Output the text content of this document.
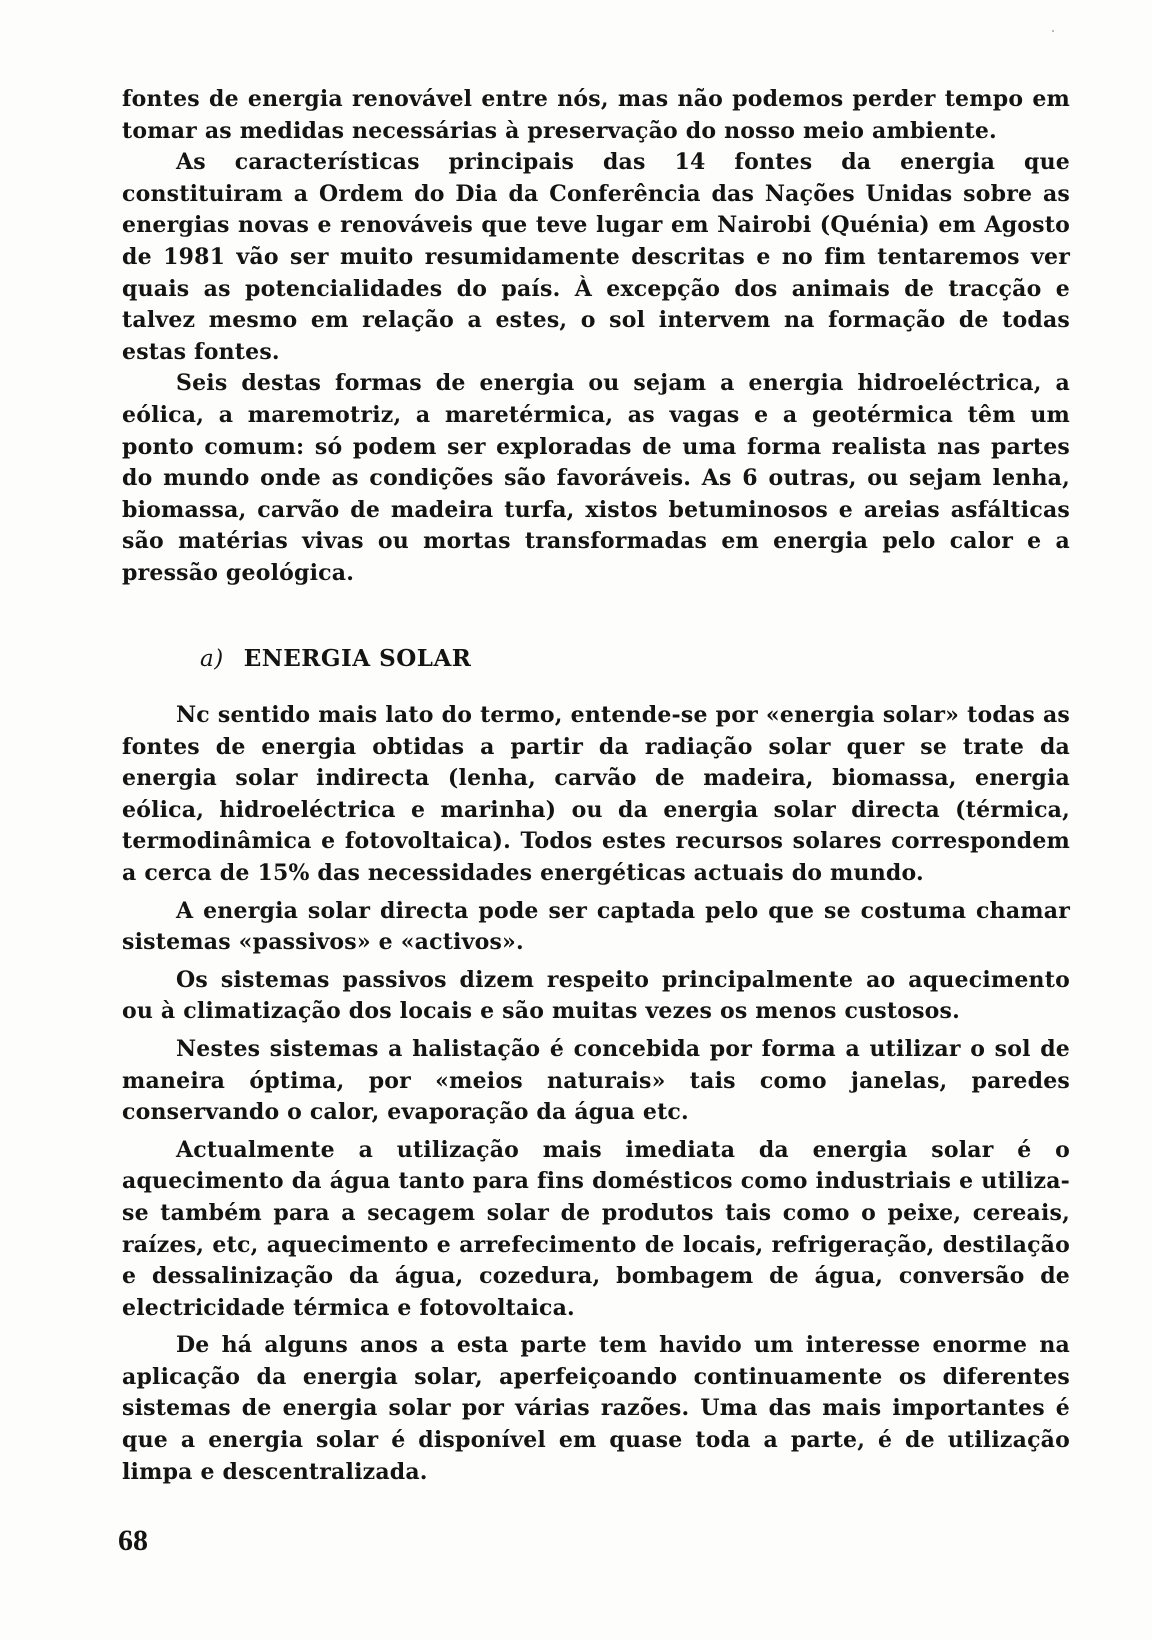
fontes de energia renovável entre nós, mas não podemos perder tempo em tomar as medidas necessárias à preservação do nosso meio ambiente.

As características principais das 14 fontes da energia que constituiram a Ordem do Dia da Conferência das Nações Unidas sobre as energias novas e renováveis que teve lugar em Nairobi (Quénia) em Agosto de 1981 vão ser muito resumidamente descritas e no fim tentaremos ver quais as potencialidades do país. À excepção dos animais de tracção e talvez mesmo em relação a estes, o sol intervem na formação de todas estas fontes.

Seis destas formas de energia ou sejam a energia hidroeléctrica, a eólica, a maremotriz, a maretérmica, as vagas e a geotérmica têm um ponto comum: só podem ser exploradas de uma forma realista nas partes do mundo onde as condições são favoráveis. As 6 outras, ou sejam lenha, biomassa, carvão de madeira turfa, xistos betuminosos e areias asfálticas são matérias vivas ou mortas transformadas em energia pelo calor e a pressão geológica.

a) ENERGIA SOLAR

Nc sentido mais lato do termo, entende-se por «energia solar» todas as fontes de energia obtidas a partir da radiação solar quer se trate da energia solar indirecta (lenha, carvão de madeira, biomassa, energia eólica, hidroeléctrica e marinha) ou da energia solar directa (térmica, termodinâmica e fotovoltaica). Todos estes recursos solares correspondem a cerca de 15% das necessidades energéticas actuais do mundo.

A energia solar directa pode ser captada pelo que se costuma chamar sistemas «passivos» e «activos».

Os sistemas passivos dizem respeito principalmente ao aquecimento ou à climatização dos locais e são muitas vezes os menos custosos.

Nestes sistemas a halistação é concebida por forma a utilizar o sol de maneira óptima, por «meios naturais» tais como janelas, paredes conservando o calor, evaporação da água etc.

Actualmente a utilização mais imediata da energia solar é o aquecimento da água tanto para fins domésticos como industriais e utiliza-se também para a secagem solar de produtos tais como o peixe, cereais, raízes, etc, aquecimento e arrefecimento de locais, refrigeração, destilação e dessalinização da água, cozedura, bombagem de água, conversão de electricidade térmica e fotovoltaica.

De há alguns anos a esta parte tem havido um interesse enorme na aplicação da energia solar, aperfeiçoando continuamente os diferentes sistemas de energia solar por várias razões. Uma das mais importantes é que a energia solar é disponível em quase toda a parte, é de utilização limpa e descentralizada.

68
